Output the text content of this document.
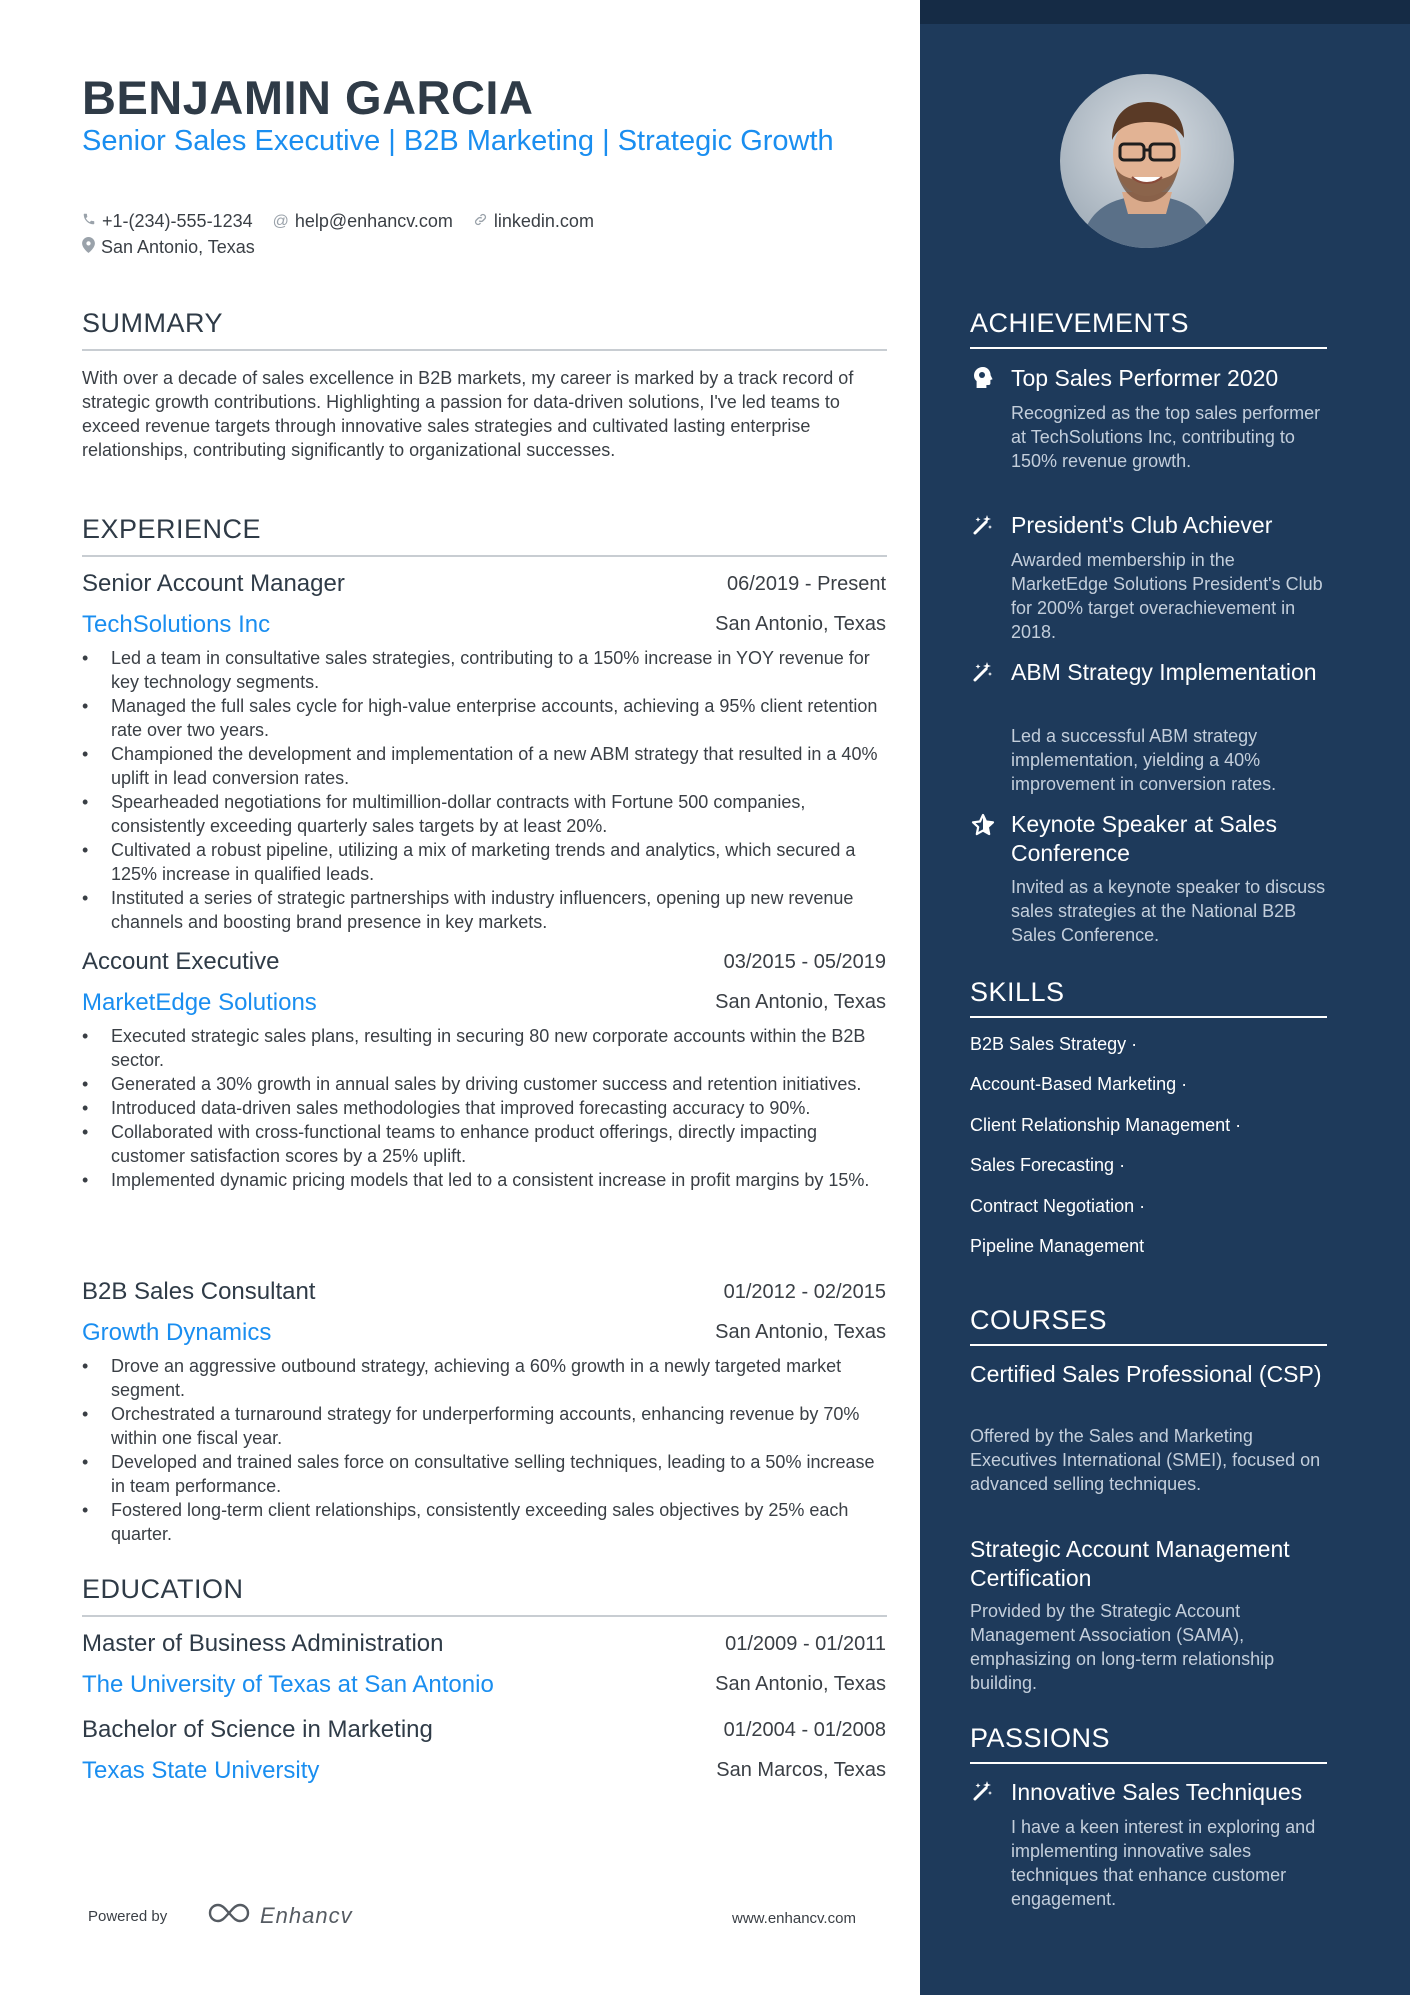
BENJAMIN GARCIA
Senior Sales Executive | B2B Marketing | Strategic Growth
+1-(234)-555-1234 @ help@enhancv.com linkedin.com
San Antonio, Texas
SUMMARY
With over a decade of sales excellence in B2B markets, my career is marked by a track record of strategic growth contributions. Highlighting a passion for data-driven solutions, I've led teams to exceed revenue targets through innovative sales strategies and cultivated lasting enterprise relationships, contributing significantly to organizational successes.
EXPERIENCE
Senior Account Manager	06/2019 - Present
TechSolutions Inc	San Antonio, Texas
• Led a team in consultative sales strategies, contributing to a 150% increase in YOY revenue for key technology segments.
• Managed the full sales cycle for high-value enterprise accounts, achieving a 95% client retention rate over two years.
• Championed the development and implementation of a new ABM strategy that resulted in a 40% uplift in lead conversion rates.
• Spearheaded negotiations for multimillion-dollar contracts with Fortune 500 companies, consistently exceeding quarterly sales targets by at least 20%.
• Cultivated a robust pipeline, utilizing a mix of marketing trends and analytics, which secured a 125% increase in qualified leads.
• Instituted a series of strategic partnerships with industry influencers, opening up new revenue channels and boosting brand presence in key markets.
Account Executive	03/2015 - 05/2019
MarketEdge Solutions	San Antonio, Texas
• Executed strategic sales plans, resulting in securing 80 new corporate accounts within the B2B sector.
• Generated a 30% growth in annual sales by driving customer success and retention initiatives.
• Introduced data-driven sales methodologies that improved forecasting accuracy to 90%.
• Collaborated with cross-functional teams to enhance product offerings, directly impacting customer satisfaction scores by a 25% uplift.
• Implemented dynamic pricing models that led to a consistent increase in profit margins by 15%.
B2B Sales Consultant	01/2012 - 02/2015
Growth Dynamics	San Antonio, Texas
• Drove an aggressive outbound strategy, achieving a 60% growth in a newly targeted market segment.
• Orchestrated a turnaround strategy for underperforming accounts, enhancing revenue by 70% within one fiscal year.
• Developed and trained sales force on consultative selling techniques, leading to a 50% increase in team performance.
• Fostered long-term client relationships, consistently exceeding sales objectives by 25% each quarter.
EDUCATION
Master of Business Administration	01/2009 - 01/2011
The University of Texas at San Antonio	San Antonio, Texas
Bachelor of Science in Marketing	01/2004 - 01/2008
Texas State University	San Marcos, Texas
Powered by	Enhancv	www.enhancv.com
ACHIEVEMENTS
Top Sales Performer 2020
Recognized as the top sales performer at TechSolutions Inc, contributing to 150% revenue growth.
President's Club Achiever
Awarded membership in the MarketEdge Solutions President's Club for 200% target overachievement in 2018.
ABM Strategy Implementation
Led a successful ABM strategy implementation, yielding a 40% improvement in conversion rates.
Keynote Speaker at Sales Conference
Invited as a keynote speaker to discuss sales strategies at the National B2B Sales Conference.
SKILLS
B2B Sales Strategy ·
Account-Based Marketing ·
Client Relationship Management ·
Sales Forecasting ·
Contract Negotiation ·
Pipeline Management
COURSES
Certified Sales Professional (CSP)
Offered by the Sales and Marketing Executives International (SMEI), focused on advanced selling techniques.
Strategic Account Management Certification
Provided by the Strategic Account Management Association (SAMA), emphasizing on long-term relationship building.
PASSIONS
Innovative Sales Techniques
I have a keen interest in exploring and implementing innovative sales techniques that enhance customer engagement.
